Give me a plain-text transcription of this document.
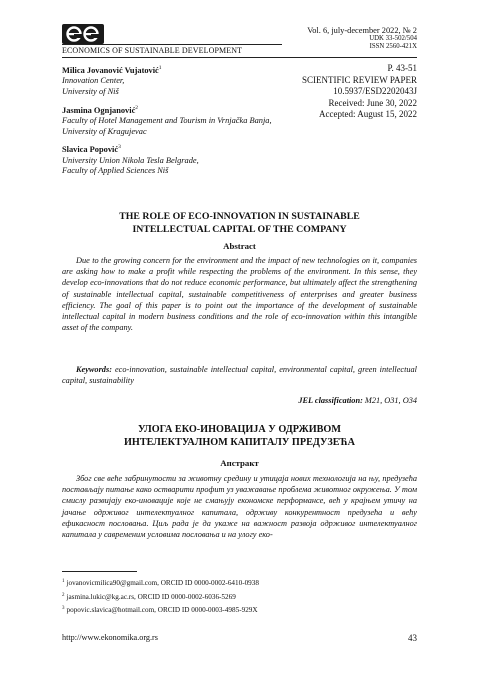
ECONOMICS OF SUSTAINABLE DEVELOPMENT
Vol. 6, july-december 2022, № 2
UDK 33-502/504
ISSN 2560-421X
Milica Jovanović Vujatović$^1$
Innovation Center,
University of Niš
Jasmina Ognjanović$^2$
Faculty of Hotel Management and Tourism in Vrnjačka Banja,
University of Kragujevac
Slavica Popović$^3$
University Union Nikola Tesla Belgrade,
Faculty of Applied Sciences Niš
P. 43-51
SCIENTIFIC REVIEW PAPER
10.5937/ESD2202043J
Received: June 30, 2022
Accepted: August 15, 2022
THE ROLE OF ECO-INNOVATION IN SUSTAINABLE
INTELLECTUAL CAPITAL OF THE COMPANY
Abstract
Due to the growing concern for the environment and the impact of new technologies on it, companies are asking how to make a profit while respecting the problems of the environment. In this sense, they develop eco-innovations that do not reduce economic performance, but ultimately affect the strengthening of sustainable intellectual capital, sustainable competitiveness of enterprises and greater business efficiency. The goal of this paper is to point out the importance of the development of sustainable intellectual capital in modern business conditions and the role of eco-innovation within this intangible asset of the company.
Keywords: eco-innovation, sustainable intellectual capital, environmental capital, green intellectual capital, sustainability
JEL classification: M21, O31, O34
УЛОГА ЕКО-ИНОВАЦИЈА У ОДРЖИВОМ
ИНТЕЛЕКТУАЛНОМ КАПИТАЛУ ПРЕДУЗЕЋА
Апстракт
Због све веће забринутости за животну средину и утицаја нових технологија на њу, предузећа постављају питање како остварити профит уз уважавање проблема животног окружења. У том смислу развијају еко-иновације које не смањују економске перформансе, већ у крајњем утичу на јачање одрживог интелектуалног капитала, одрживу конкурентност предузећа и већу ефикасност пословања. Циљ рада је да укаже на важност развоја одрживог интелектуалног капитала у савременим условима пословања и на улогу еко-
$^1$ jovanovicmilica90@gmail.com, ORCID ID 0000-0002-6410-0938
$^2$ jasmina.lukic@kg.ac.rs, ORCID ID 0000-0002-6036-5269
$^3$ popovic.slavica@hotmail.com, ORCID ID 0000-0003-4985-929X
http://www.ekonomika.org.rs	43
